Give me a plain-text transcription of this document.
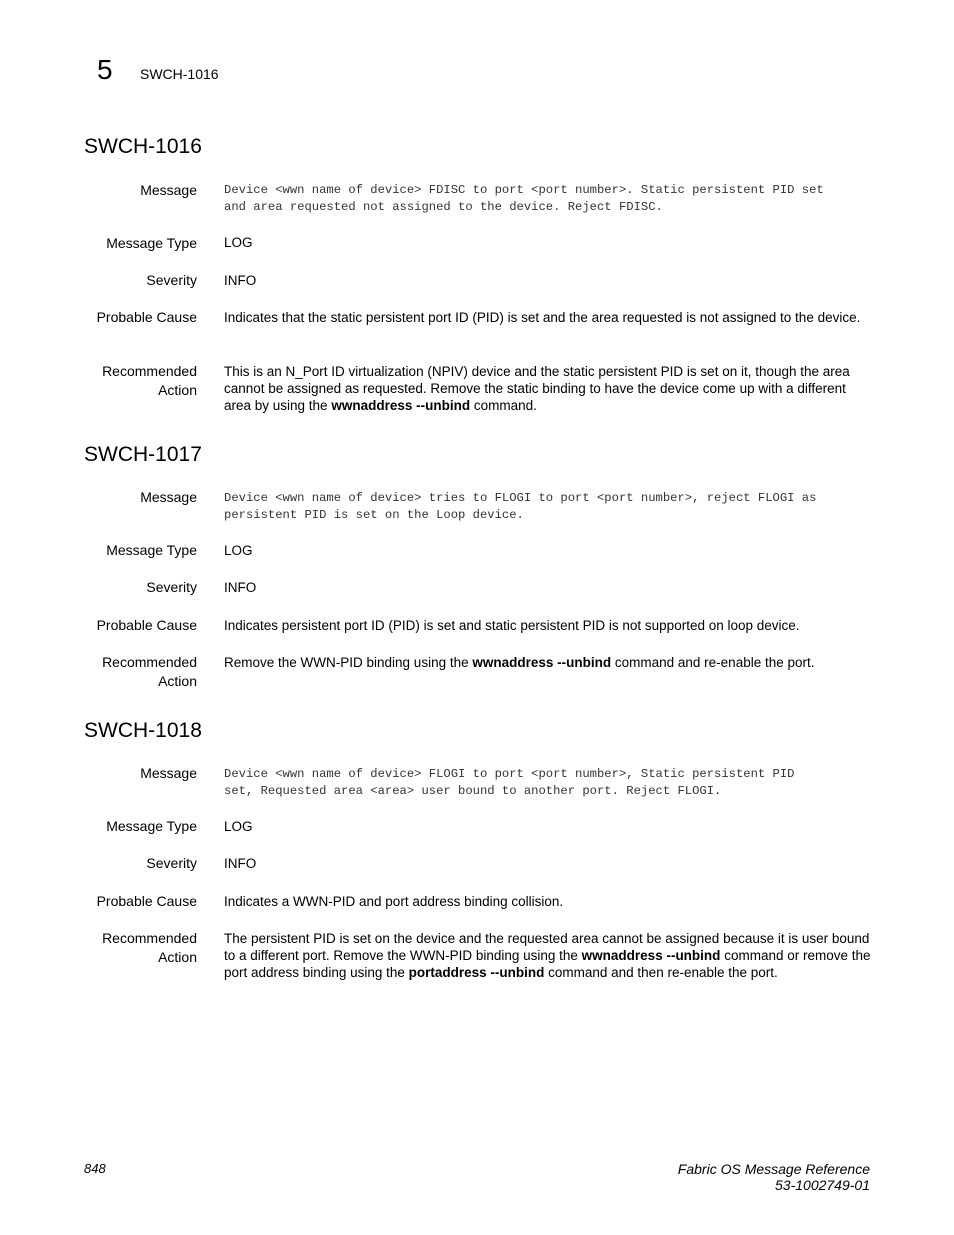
5 SWCH-1016
SWCH-1016
Message Device <wwn name of device> FDISC to port <port number>. Static persistent PID set
and area requested not assigned to the device. Reject FDISC.
Message Type LOG
Severity INFO
Probable Cause Indicates that the static persistent port ID (PID) is set and the area requested is not assigned to the device.
Recommended
Action
This is an N_Port ID virtualization (NPIV) device and the static persistent PID is set on it, though the area cannot be assigned as requested. Remove the static binding to have the device come up with a different area by using the wwnaddress --unbind command.
SWCH-1017
Message Device <wwn name of device> tries to FLOGI to port <port number>, reject FLOGI as
persistent PID is set on the Loop device.
Message Type LOG
Severity INFO
Probable Cause Indicates persistent port ID (PID) is set and static persistent PID is not supported on loop device.
Recommended
Action
Remove the WWN-PID binding using the wwnaddress --unbind command and re-enable the port.
SWCH-1018
Message Device <wwn name of device> FLOGI to port <port number>, Static persistent PID
set, Requested area <area> user bound to another port. Reject FLOGI.
Message Type LOG
Severity INFO
Probable Cause Indicates a WWN-PID and port address binding collision.
Recommended
Action
The persistent PID is set on the device and the requested area cannot be assigned because it is user bound to a different port. Remove the WWN-PID binding using the wwnaddress --unbind command or remove the port address binding using the portaddress --unbind command and then re-enable the port.
848	Fabric OS Message Reference
53-1002749-01
